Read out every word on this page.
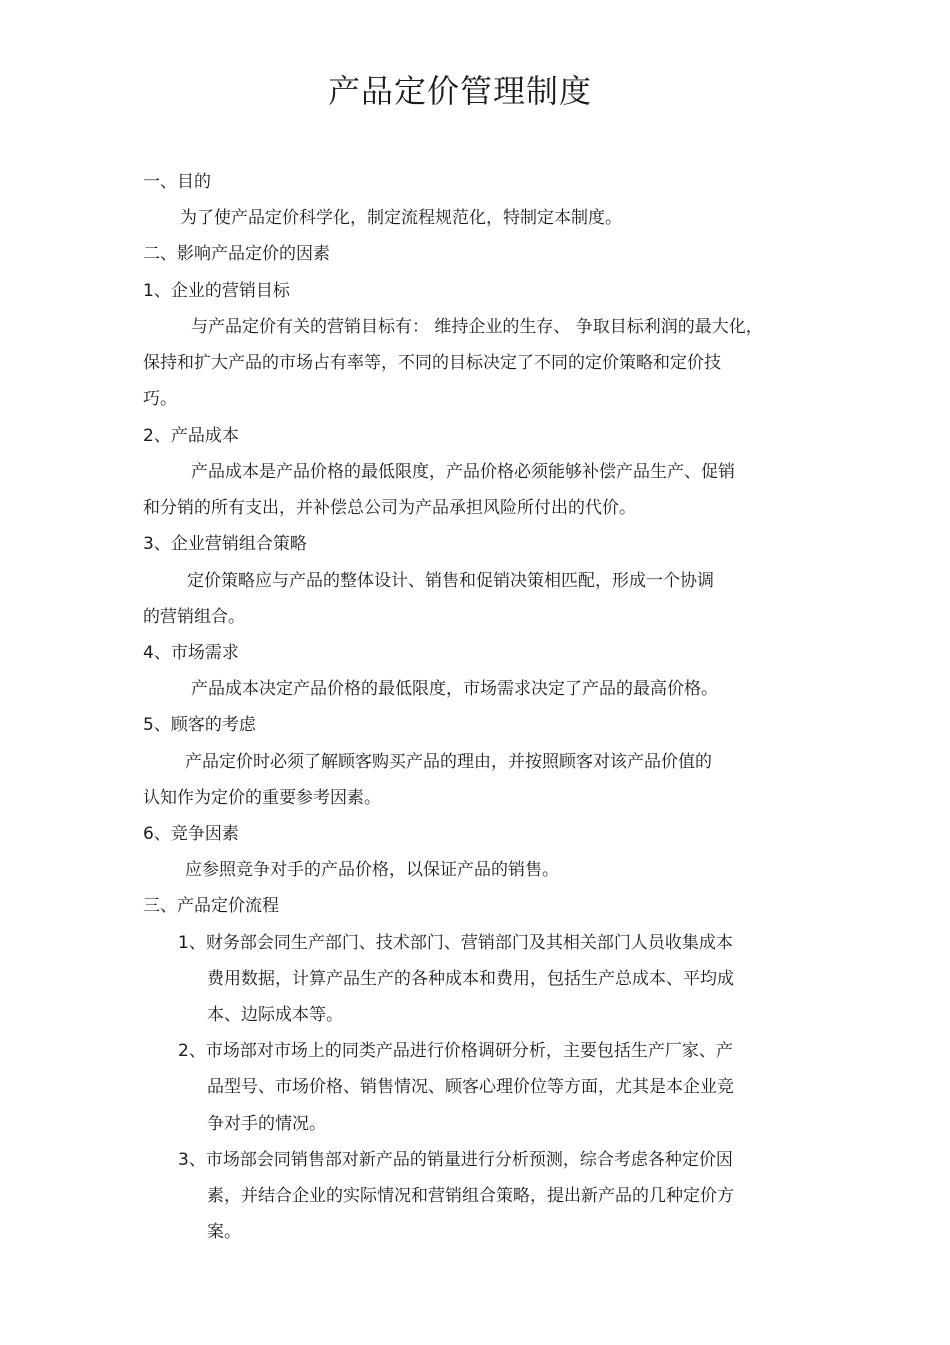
产品定价管理制度
一、目的
为了使产品定价科学化，制定流程规范化，特制定本制度。
二、影响产品定价的因素
1、企业的营销目标
与产品定价有关的营销目标有： 维持企业的生存、 争取目标利润的最大化，
保持和扩大产品的市场占有率等，不同的目标决定了不同的定价策略和定价技
巧。
2、产品成本
产品成本是产品价格的最低限度，产品价格必须能够补偿产品生产、促销
和分销的所有支出，并补偿总公司为产品承担风险所付出的代价。
3、企业营销组合策略
定价策略应与产品的整体设计、销售和促销决策相匹配，形成一个协调
的营销组合。
4、市场需求
产品成本决定产品价格的最低限度，市场需求决定了产品的最高价格。
5、顾客的考虑
产品定价时必须了解顾客购买产品的理由，并按照顾客对该产品价值的
认知作为定价的重要参考因素。
6、竞争因素
应参照竞争对手的产品价格，以保证产品的销售。
三、产品定价流程
1、财务部会同生产部门、技术部门、营销部门及其相关部门人员收集成本
费用数据，计算产品生产的各种成本和费用，包括生产总成本、平均成
本、边际成本等。
2、市场部对市场上的同类产品进行价格调研分析，主要包括生产厂家、产
品型号、市场价格、销售情况、顾客心理价位等方面，尤其是本企业竞
争对手的情况。
3、市场部会同销售部对新产品的销量进行分析预测，综合考虑各种定价因
素，并结合企业的实际情况和营销组合策略，提出新产品的几种定价方
案。
